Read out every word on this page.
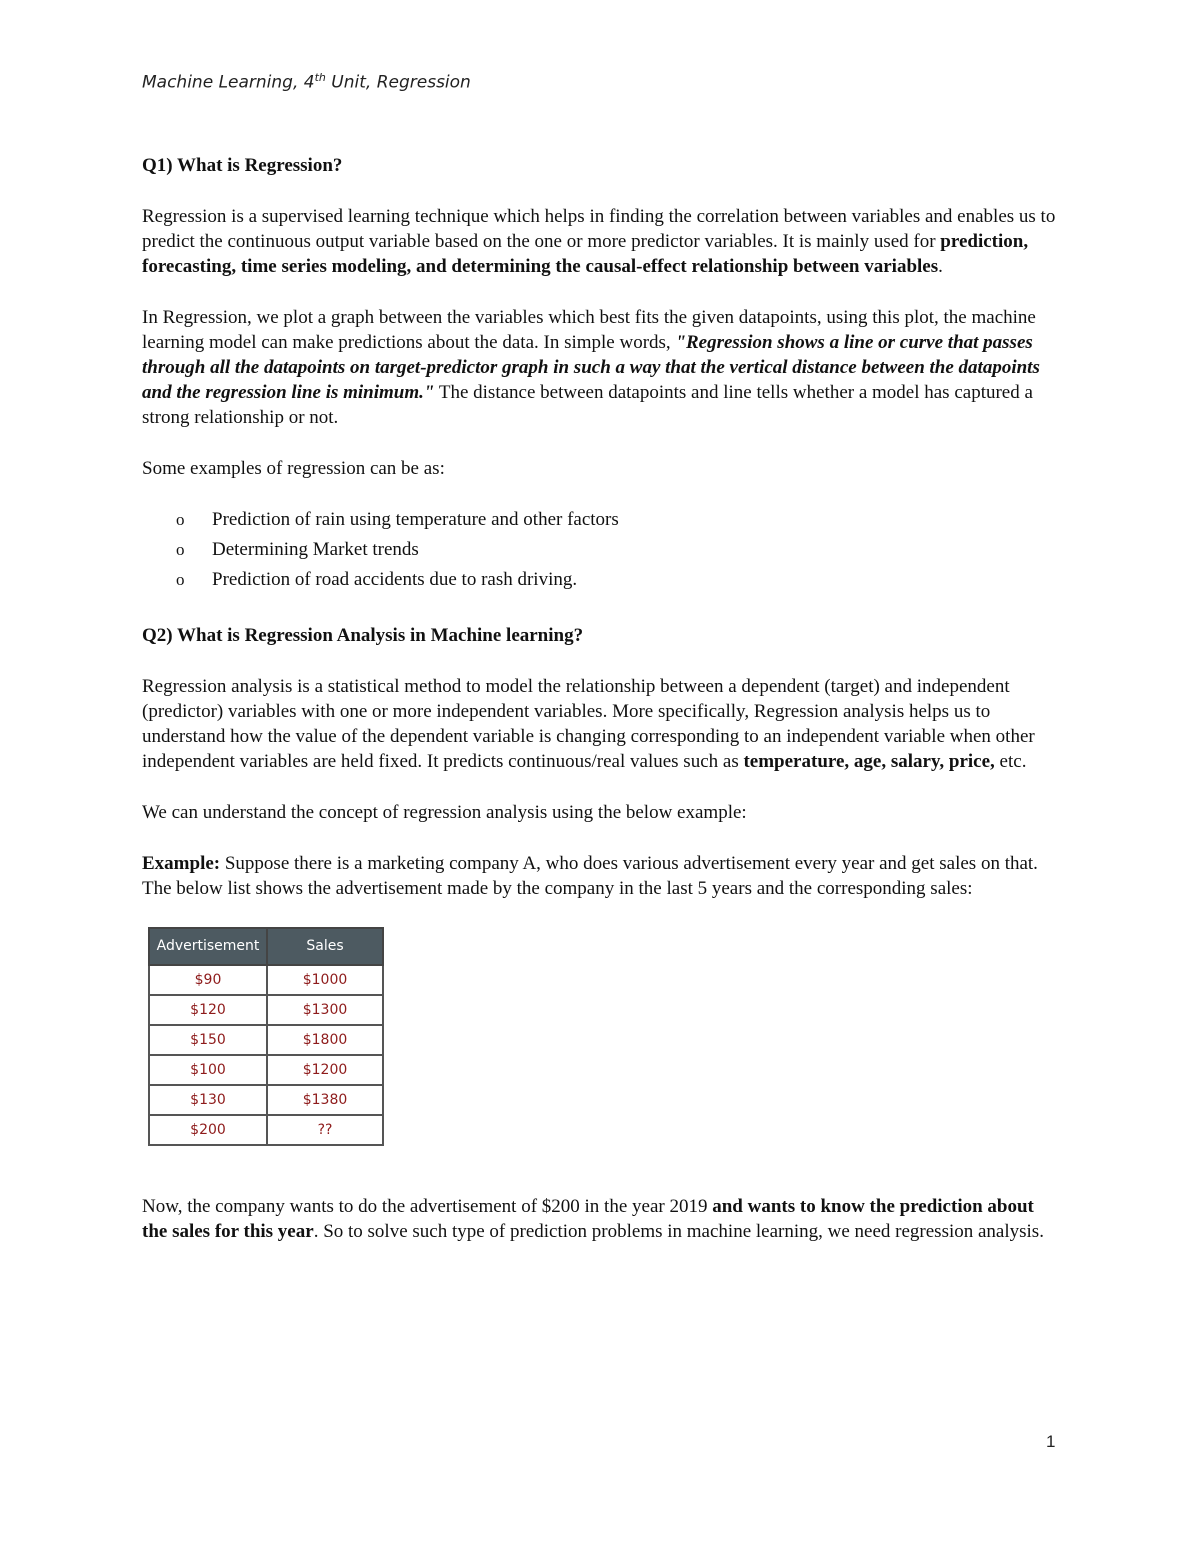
Machine Learning, 4th Unit, Regression

Q1) What is Regression?

Regression is a supervised learning technique which helps in finding the correlation between variables and enables us to predict the continuous output variable based on the one or more predictor variables. It is mainly used for prediction, forecasting, time series modeling, and determining the causal-effect relationship between variables.

In Regression, we plot a graph between the variables which best fits the given datapoints, using this plot, the machine learning model can make predictions about the data. In simple words, "Regression shows a line or curve that passes through all the datapoints on target-predictor graph in such a way that the vertical distance between the datapoints and the regression line is minimum." The distance between datapoints and line tells whether a model has captured a strong relationship or not.

Some examples of regression can be as:

o Prediction of rain using temperature and other factors
o Determining Market trends
o Prediction of road accidents due to rash driving.

Q2) What is Regression Analysis in Machine learning?

Regression analysis is a statistical method to model the relationship between a dependent (target) and independent (predictor) variables with one or more independent variables. More specifically, Regression analysis helps us to understand how the value of the dependent variable is changing corresponding to an independent variable when other independent variables are held fixed. It predicts continuous/real values such as temperature, age, salary, price, etc.

We can understand the concept of regression analysis using the below example:

Example: Suppose there is a marketing company A, who does various advertisement every year and get sales on that. The below list shows the advertisement made by the company in the last 5 years and the corresponding sales:

Advertisement	Sales
$90	$1000
$120	$1300
$150	$1800
$100	$1200
$130	$1380
$200	??

Now, the company wants to do the advertisement of $200 in the year 2019 and wants to know the prediction about the sales for this year. So to solve such type of prediction problems in machine learning, we need regression analysis.

1
